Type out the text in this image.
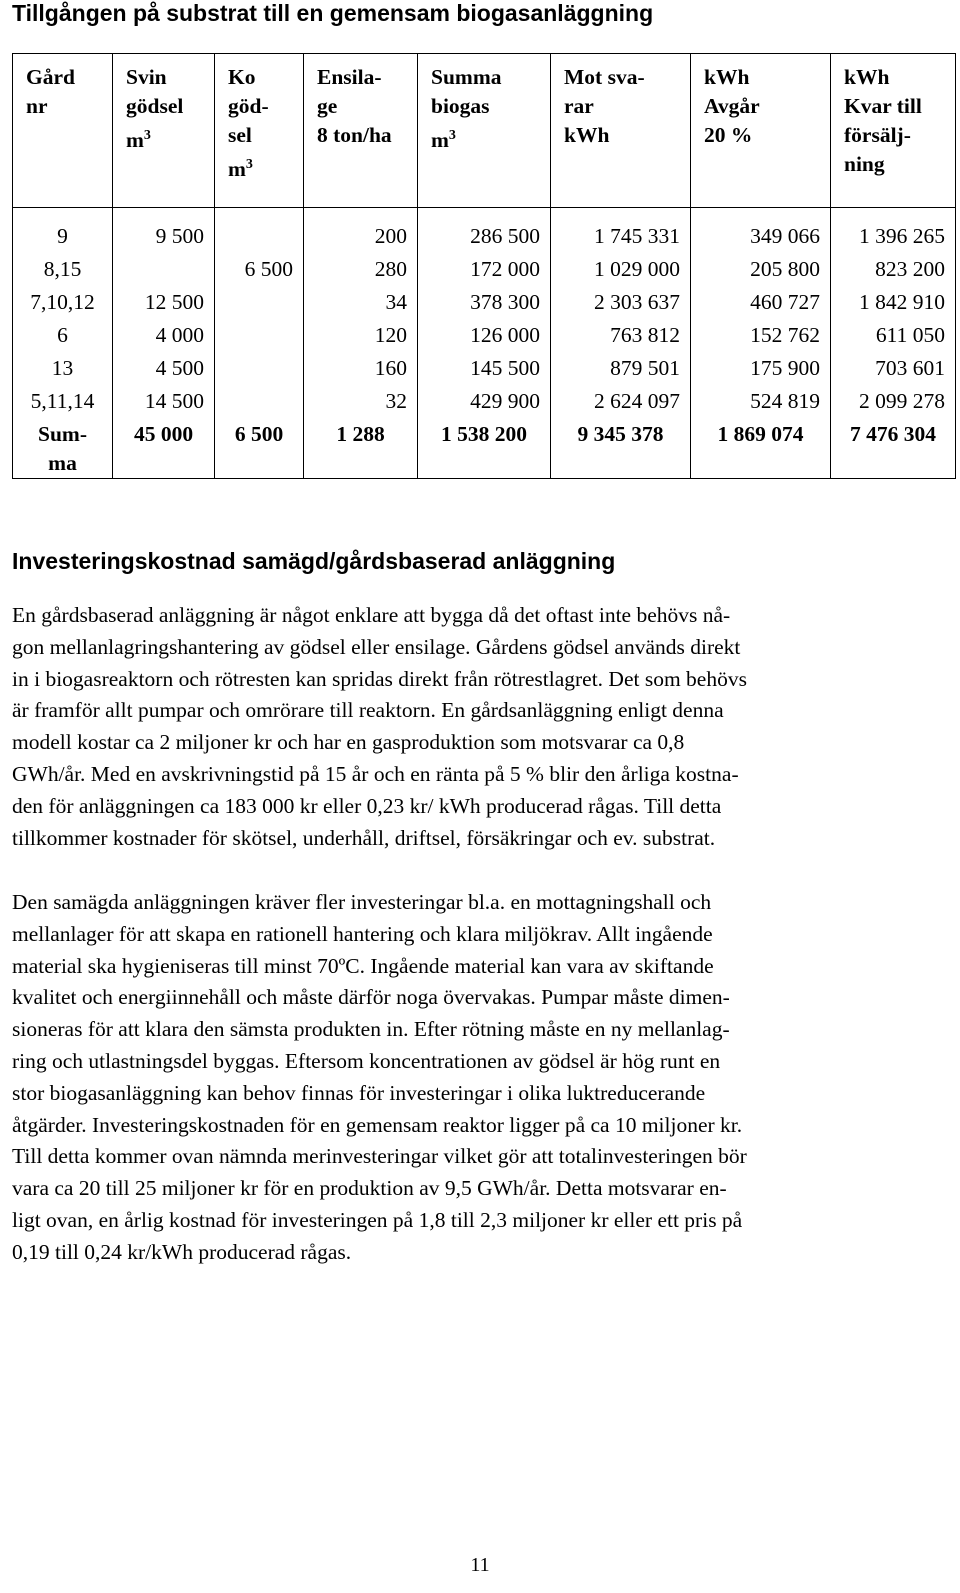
Tillgången på substrat till en gemensam biogasanläggning
Gård
nr	Svin
gödsel
$m^3$	Ko
göd-
sel
$m^3$	Ensila-
ge
8 ton/ha	Summa
biogas
$m^3$	Mot sva-
rar
kWh	kWh
Avgår
20 %	kWh
Kvar till
försälj-
ning

9	9 500		200	286 500	1 745 331	349 066	1 396 265
8,15		6 500	280	172 000	1 029 000	205 800	823 200
7,10,12	12 500		34	378 300	2 303 637	460 727	1 842 910
6	4 000		120	126 000	763 812	152 762	611 050
13	4 500		160	145 500	879 501	175 900	703 601
5,11,14	14 500		32	429 900	2 624 097	524 819	2 099 278

Sum-
ma	45 000	6 500	1 288	1 538 200	9 345 378	1 869 074	7 476 304
Investeringskostnad samägd/gårdsbaserad anläggning

En gårdsbaserad anläggning är något enklare att bygga då det oftast inte behövs nå-
gon mellanlagringshantering av gödsel eller ensilage. Gårdens gödsel används direkt
in i biogasreaktorn och rötresten kan spridas direkt från rötrestlagret. Det som behövs
är framför allt pumpar och omrörare till reaktorn. En gårdsanläggning enligt denna
modell kostar ca 2 miljoner kr och har en gasproduktion som motsvarar ca 0,8
GWh/år. Med en avskrivningstid på 15 år och en ränta på 5 % blir den årliga kostna-
den för anläggningen ca 183 000 kr eller 0,23 kr/ kWh producerad rågas. Till detta
tillkommer kostnader för skötsel, underhåll, driftsel, försäkringar och ev. substrat.

Den samägda anläggningen kräver fler investeringar bl.a. en mottagningshall och
mellanlager för att skapa en rationell hantering och klara miljökrav. Allt ingående
material ska hygieniseras till minst 70ºC. Ingående material kan vara av skiftande
kvalitet och energiinnehåll och måste därför noga övervakas. Pumpar måste dimen-
sioneras för att klara den sämsta produkten in. Efter rötning måste en ny mellanlag-
ring och utlastningsdel byggas. Eftersom koncentrationen av gödsel är hög runt en
stor biogasanläggning kan behov finnas för investeringar i olika luktreducerande
åtgärder. Investeringskostnaden för en gemensam reaktor ligger på ca 10 miljoner kr.
Till detta kommer ovan nämnda merinvesteringar vilket gör att totalinvesteringen bör
vara ca 20 till 25 miljoner kr för en produktion av 9,5 GWh/år. Detta motsvarar en-
ligt ovan, en årlig kostnad för investeringen på 1,8 till 2,3 miljoner kr eller ett pris på
0,19 till 0,24 kr/kWh producerad rågas.

11
